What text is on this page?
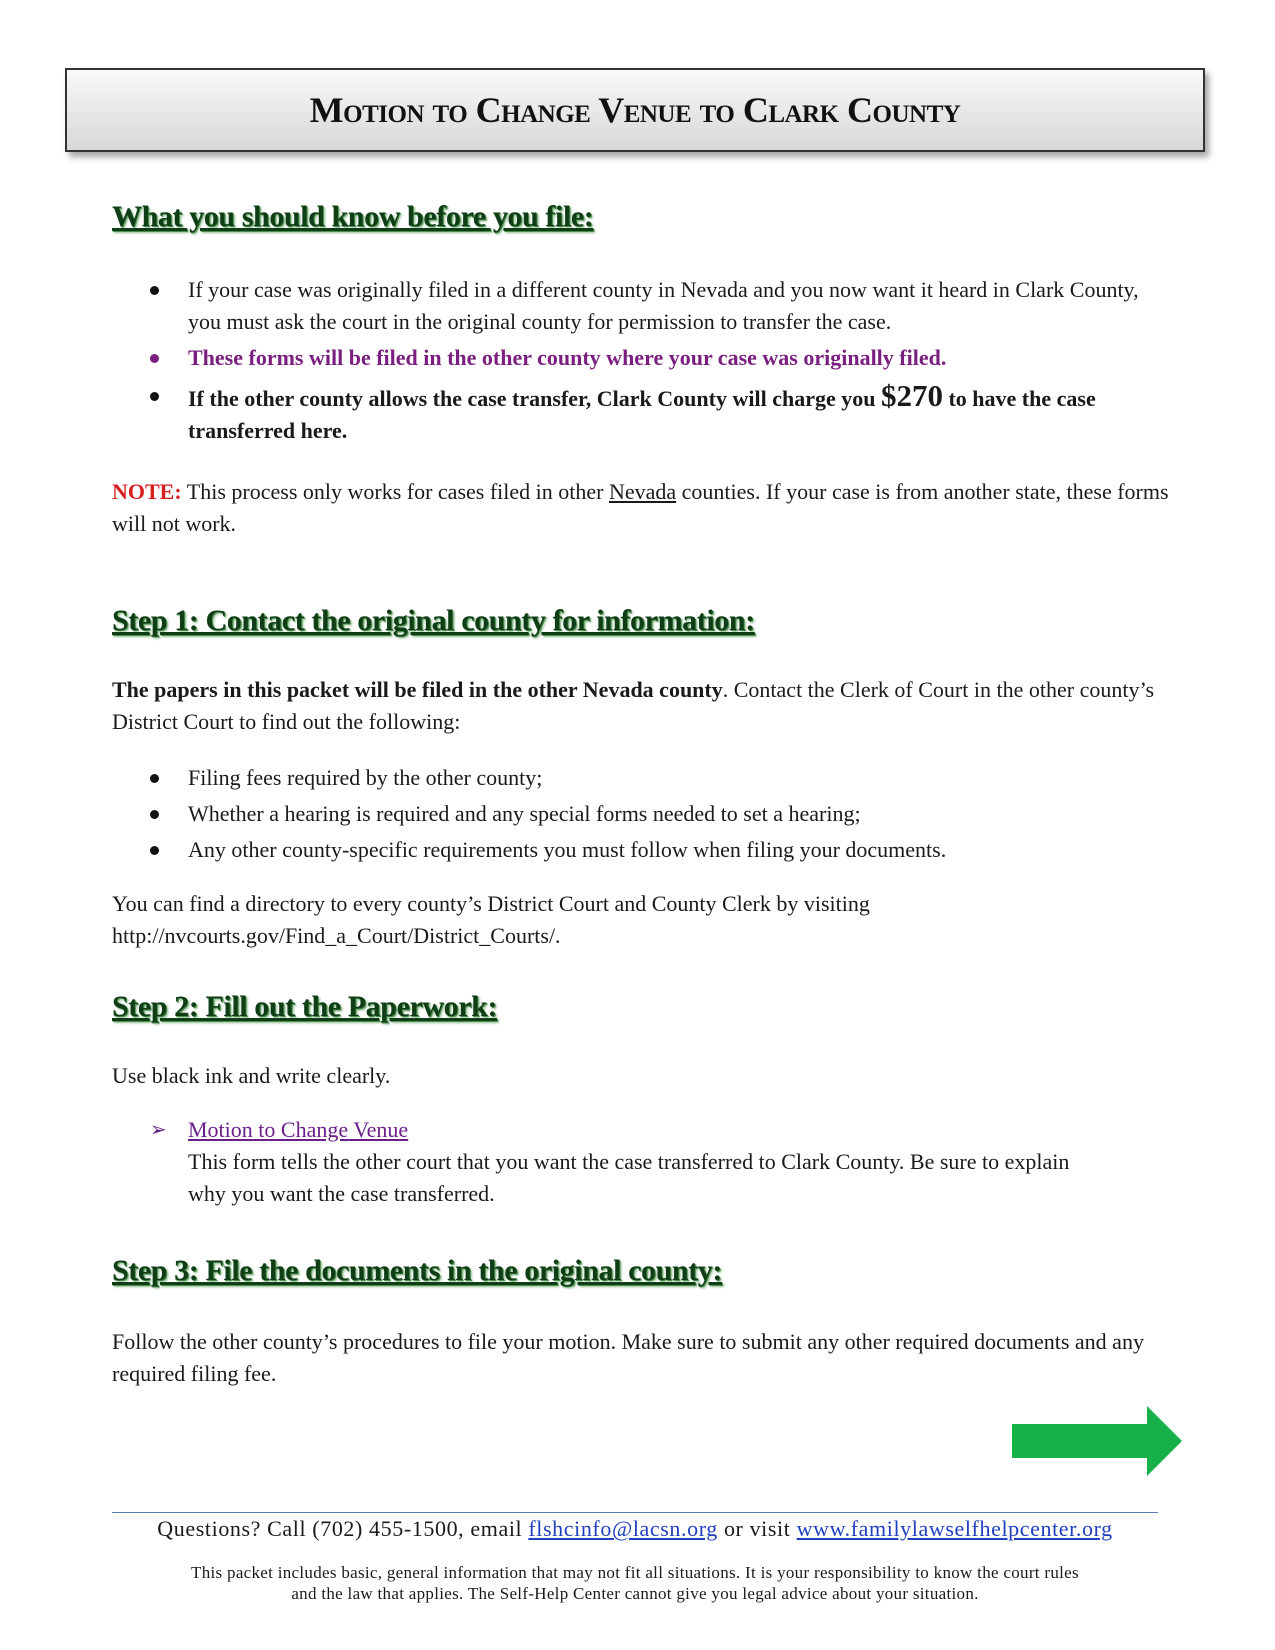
Motion to Change Venue to Clark County
What you should know before you file:
If your case was originally filed in a different county in Nevada and you now want it heard in Clark County, you must ask the court in the original county for permission to transfer the case.
These forms will be filed in the other county where your case was originally filed.
If the other county allows the case transfer, Clark County will charge you $270 to have the case transferred here.

NOTE: This process only works for cases filed in other Nevada counties. If your case is from another state, these forms will not work.

Step 1: Contact the original county for information:

The papers in this packet will be filed in the other Nevada county. Contact the Clerk of Court in the other county’s District Court to find out the following:

Filing fees required by the other county;
Whether a hearing is required and any special forms needed to set a hearing;
Any other county-specific requirements you must follow when filing your documents.

You can find a directory to every county’s District Court and County Clerk by visiting http://nvcourts.gov/Find_a_Court/District_Courts/.

Step 2: Fill out the Paperwork:

Use black ink and write clearly.

➢ Motion to Change Venue
This form tells the other court that you want the case transferred to Clark County. Be sure to explain why you want the case transferred.
Step 3: File the documents in the original county:

Follow the other county’s procedures to file your motion. Make sure to submit any other required documents and any required filing fee.

Questions? Call (702) 455-1500, email flshcinfo@lacsn.org or visit www.familylawselfhelpcenter.org
This packet includes basic, general information that may not fit all situations. It is your responsibility to know the court rules
and the law that applies. The Self-Help Center cannot give you legal advice about your situation.
